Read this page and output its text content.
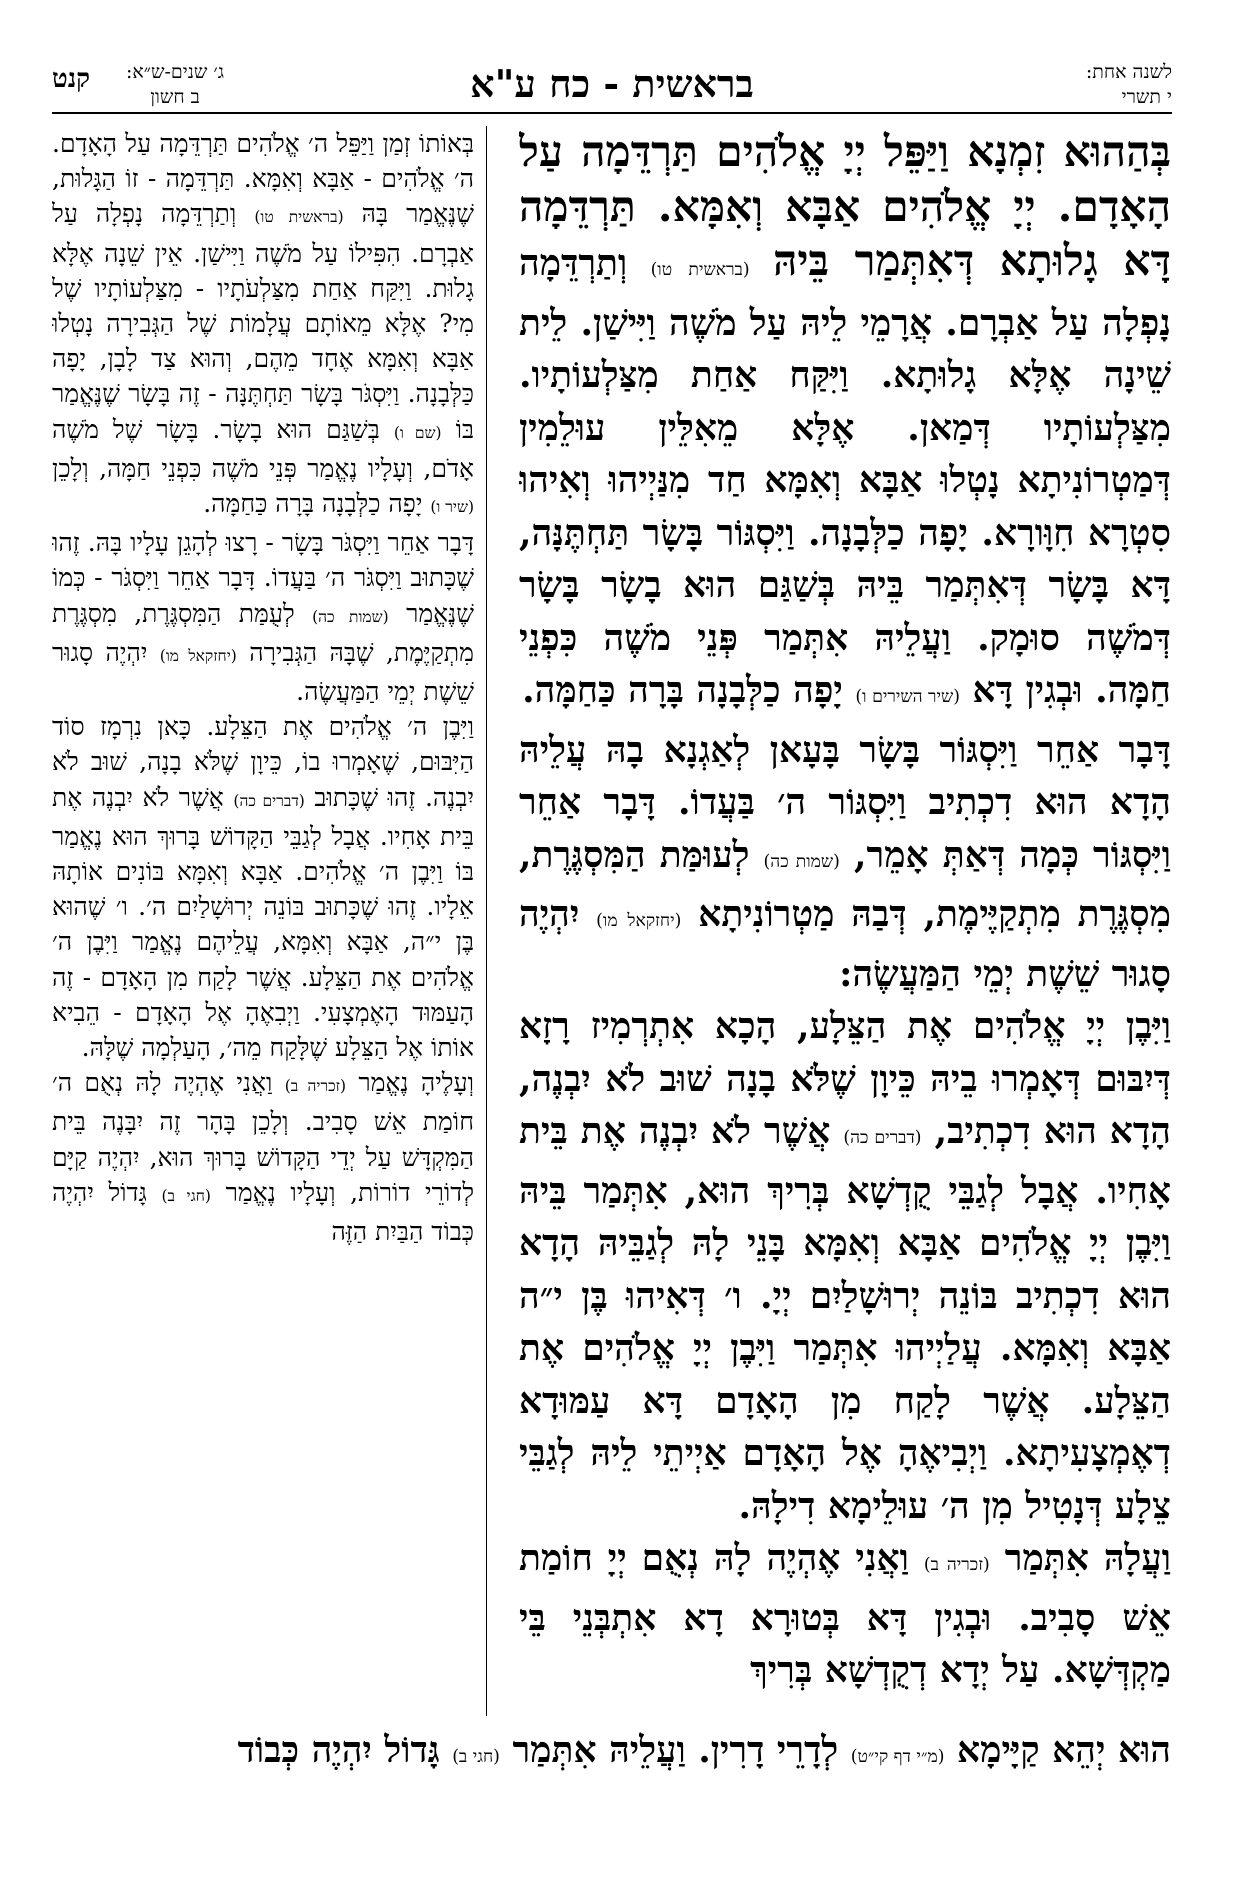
לשנה אחת:
י תשרי
בראשית - כח ע"א
ג׳ שנים-ש״א:
ב חשון
קנט

בְּהַהוּא זִמְנָא וַיַּפֵּל יְיָ אֱלֹהִים תַּרְדֵּמָה עַל הָאָדָם. יְיָ אֱלֹהִים אַבָּא וְאִמָּא. תַּרְדֵּמָה דָּא גָלוּתָא דְּאִתְּמַר בֵּיהּ (בראשית טו) וְתַרְדֵּמָה נָפְלָה עַל אַבְרָם. אֲרָמֵי לֵיהּ עַל מֹשֶׁה וַיִּישַׁן. לֵית שֵׁינָה אֶלָּא גָלוּתָא. וַיִּקַּח אַחַת מִצַּלְעוֹתָיו. מִצַּלְעוֹתָיו דְּמַאן. אֶלָּא מֵאִלֵּין עוּלֵמִין דְּמַטְרוֹנִיתָא נָטְלוּ אַבָּא וְאִמָּא חַד מִנַּיְיהוּ וְאִיהוּ סִטְרָא חִוָּורָא. יָפָה כַלְּבָנָה. וַיִּסְגּוֹר בָּשָׂר תַּחְתֶּנָּה, דָּא בָּשָׂר דְּאִתְּמַר בֵּיהּ בְּשַׁגַּם הוּא בָשָׂר בָּשָׂר דְּמֹשֶׁה סוּמָק. וַעֲלֵיהּ אִתְּמַר פְּנֵי מֹשֶׁה כִּפְנֵי חַמָּה. וּבְגִין דָּא (שיר השירים ו) יָפָה כַלְּבָנָה בָּרָה כַּחַמָּה.

דָּבָר אַחֵר וַיִּסְגּוֹר בָּשָׂר בָּעָאן לְאַגְנָא בָהּ עֲלֵיהּ הָדָא הוּא דִכְתִיב וַיִּסְגּוֹר ה׳ בַּעֲדוֹ. דָּבָר אַחֵר וַיִּסְגּוֹר כְּמָה דְּאַתְּ אָמֵר, (שמות כה) לְעוּמַּת הַמִּסְגֶּרֶת, מִסְגֶּרֶת מִתְקַיֶּימֶת, דְּבַהּ מַטְרוֹנִיתָא (יחזקאל מו) יִהְיֶה סָגוּר שֵׁשֶׁת יְמֵי הַמַּעֲשֶׂה:

וַיִּבֶן יְיָ אֱלֹהִים אֶת הַצֵּלָע, הָכָא אִתְרְמִיז רָזָא דְּיִבּוּם דְּאָמְרוּ בֵיהּ כֵּיוָן שֶׁלֹּא בָנָה שׁוּב לֹא יִבְנֶה, הָדָא הוּא דִכְתִיב, (דברים כה) אֲשֶׁר לֹא יִבְנֶה אֶת בֵּית אָחִיו. אֲבָל לְגַבֵּי קֻדְשָׁא בְּרִיךְ הוּא, אִתְּמַר בֵּיהּ וַיִּבֶן יְיָ אֱלֹהִים אַבָּא וְאִמָּא בָּנֵי לָהּ לְגַבֵּיהּ הָדָא הוּא דִכְתִיב בּוֹנֵה יְרוּשָׁלַיִם יְיָ. ו׳ דְּאִיהוּ בֶּן י״ה אַבָּא וְאִמָּא. עֲלַיְיהוּ אִתְּמַר וַיִּבֶן יְיָ אֱלֹהִים אֶת הַצֵּלָע. אֲשֶׁר לָקַח מִן הָאָדָם דָּא עַמּוּדָא דְאֶמְצָעִיתָא. וַיְבִיאֶהָ אֶל הָאָדָם אַיְיתֵי לֵיהּ לְגַבֵּי צֵלָע דְּנָטִיל מִן ה׳ עוּלֵימָא דִילָהּ.

וַעֲלָהּ אִתְּמַר (זכריה ב) וַאֲנִי אֶהְיֶה לָהּ נְאֻם יְיָ חוֹמַת אֵשׁ סָבִיב. וּבְגִין דָּא בְּטוּרָא דָא אִתְבְּנֵי בֵּי מַקְדְּשָׁא. עַל יְדָא דְקֻדְשָׁא בְּרִיךְ

בְּאוֹתוֹ זְמַן וַיַּפֵּל ה׳ אֱלֹהִים תַּרְדֵּמָה עַל הָאָדָם. ה׳ אֱלֹהִים - אַבָּא וְאִמָּא. תַּרְדֵּמָה - זוֹ הַגָּלוּת, שֶׁנֶּאֱמַר בָּהּ (בראשית טו) וְתַרְדֵּמָה נָפְלָה עַל אַבְרָם. הִפִּילוֹ עַל מֹשֶׁה וַיִּישַׁן. אֵין שֵׁנָה אֶלָּא גָלוּת. וַיִּקַּח אַחַת מִצַּלְעֹתָיו - מִצַּלְעוֹתָיו שֶׁל מִי? אֶלָּא מֵאוֹתָם עֲלָמוֹת שֶׁל הַגְּבִירָה נָטְלוּ אַבָּא וְאִמָּא אֶחָד מֵהֶם, וְהוּא צַד לָבָן, יָפָה כַּלְּבָנָה. וַיִּסְגֹּר בָּשָׂר תַּחְתֶּנָּה - זֶה בָּשָׂר שֶׁנֶּאֱמַר בּוֹ (שם ו) בְּשַׁגַּם הוּא בָשָׂר. בָּשָׂר שֶׁל מֹשֶׁה אָדֹם, וְעָלָיו נֶאֱמַר פְּנֵי מֹשֶׁה כִּפְנֵי חַמָּה, וְלָכֵן (שיר ו) יָפָה כַלְּבָנָה בָּרָה כַּחַמָּה.

דָּבָר אַחֵר וַיִּסְגֹּר בָּשָׂר - רָצוּ לְהָגֵן עָלָיו בָּהּ. זֶהוּ שֶׁכָּתוּב וַיִּסְגֹּר ה׳ בַּעֲדוֹ. דָּבָר אַחֵר וַיִּסְגֹּר - כְּמוֹ שֶׁנֶּאֱמַר (שמות כה) לְעֻמַּת הַמִּסְגֶּרֶת, מִסְגֶּרֶת מִתְקַיֶּמֶת, שֶׁבָּהּ הַגְּבִירָה (יחזקאל מו) יִהְיֶה סָגוּר שֵׁשֶׁת יְמֵי הַמַּעֲשֶׂה.

וַיִּבֶן ה׳ אֱלֹהִים אֶת הַצֵּלָע. כָּאן נִרְמָז סוֹד הַיִּבּוּם, שֶׁאָמְרוּ בוֹ, כֵּיוָן שֶׁלֹּא בָנָה, שׁוּב לֹא יִבְנֶה. זֶהוּ שֶׁכָּתוּב (דברים כה) אֲשֶׁר לֹא יִבְנֶה אֶת בֵּית אָחִיו. אֲבָל לְגַבֵּי הַקָּדוֹשׁ בָּרוּךְ הוּא נֶאֱמַר בּוֹ וַיִּבֶן ה׳ אֱלֹהִים. אַבָּא וְאִמָּא בּוֹנִים אוֹתָהּ אֵלָיו. זֶהוּ שֶׁכָּתוּב בּוֹנֵה יְרוּשָׁלַיִם ה׳. ו׳ שֶׁהוּא בֶּן י״ה, אַבָּא וְאִמָּא, עֲלֵיהֶם נֶאֱמַר וַיִּבֶן ה׳ אֱלֹהִים אֶת הַצֵּלָע. אֲשֶׁר לָקַח מִן הָאָדָם - זֶה הָעַמּוּד הָאֶמְצָעִי. וַיְבִאֶהָ אֶל הָאָדָם - הֵבִיא אוֹתוֹ אֶל הַצֵּלָע שֶׁלָּקַח מֵה׳, הָעַלְמָה שֶׁלָּהּ.

וְעָלֶיהָ נֶאֱמַר (זכריה ב) וַאֲנִי אֶהְיֶה לָהּ נְאֻם ה׳ חוֹמַת אֵשׁ סָבִיב. וְלָכֵן בָּהָר זֶה יִבָּנֶה בֵּית הַמִּקְדָּשׁ עַל יְדֵי הַקָּדוֹשׁ בָּרוּךְ הוּא, יִהְיֶה קַיָּם לְדוֹרֵי דוֹרוֹת, וְעָלָיו נֶאֱמַר (חגי ב) גָּדוֹל יִהְיֶה כְּבוֹד הַבַּיִת הַזֶּה

הוּא יְהֵא קַיָּימָא (מ״י דף קי״ט) לְדָרֵי דָרִין. וַעֲלֵיהּ אִתְּמַר (חגי ב) גָּדוֹל יִהְיֶה כְּבוֹד
